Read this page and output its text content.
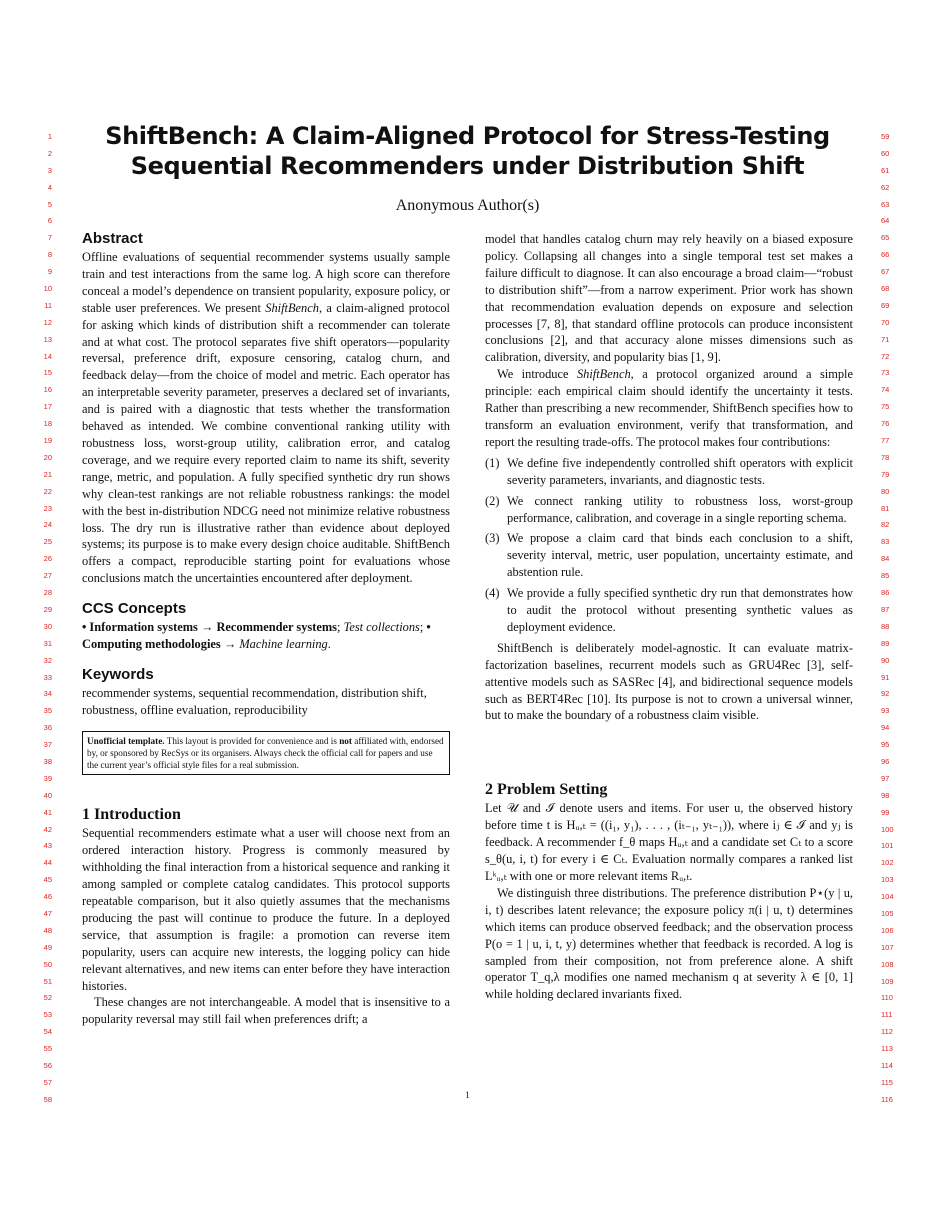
1
2
3
4
5
6
7
8
9
10
11
12
13
14
15
16
17
18
19
20
21
22
23
24
25
26
27
28
29
30
31
32
33
34
35
36
37
38
39
40
41
42
43
44
45
46
47
48
49
50
51
52
53
54
55
56
57
58
59
60
61
62
63
64
65
66
67
68
69
70
71
72
73
74
75
76
77
78
79
80
81
82
83
84
85
86
87
88
89
90
91
92
93
94
95
96
97
98
99
100
101
102
103
104
105
106
107
108
109
110
111
112
113
114
115
116
ShiftBench: A Claim-Aligned Protocol for Stress-Testing
Sequential Recommenders under Distribution Shift
Anonymous Author(s)
Abstract

Offline evaluations of sequential recommender systems usually sample train and test interactions from the same log. A high score can therefore conceal a model’s dependence on transient popularity, exposure policy, or stable user preferences. We present ShiftBench, a claim-aligned protocol for asking which kinds of distribution shift a recommender can tolerate and at what cost. The protocol separates five shift operators—popularity reversal, preference drift, exposure censoring, catalog churn, and feedback delay—from the choice of model and metric. Each operator has an interpretable severity parameter, preserves a declared set of invariants, and is paired with a diagnostic that tests whether the transformation behaved as intended. We combine conventional ranking utility with robustness loss, worst-group utility, calibration error, and catalog coverage, and we require every reported claim to name its shift, severity range, metric, and population. A fully specified synthetic dry run shows why clean-test rankings are not reliable robustness rankings: the model with the best in-distribution NDCG need not minimize relative robustness loss. The dry run is illustrative rather than evidence about deployed systems; its purpose is to make every design choice auditable. ShiftBench offers a compact, reproducible starting point for evaluations whose conclusions match the uncertainties encountered after deployment.

CCS Concepts

• Information systems → Recommender systems; Test collections; • Computing methodologies → Machine learning.

Keywords

recommender systems, sequential recommendation, distribution shift, robustness, offline evaluation, reproducibility

Unofficial template. This layout is provided for convenience and is not affiliated with, endorsed by, or sponsored by RecSys or its organisers. Always check the official call for papers and use the current year’s official style files for a real submission.
1 Introduction

Sequential recommenders estimate what a user will choose next from an ordered interaction history. Progress is commonly measured by withholding the final interaction from a historical sequence and ranking it among sampled or complete catalog candidates. This protocol supports repeatable comparison, but it also quietly assumes that the mechanisms producing the past will continue to produce the future. In a deployed service, that assumption is fragile: a promotion can reverse item popularity, users can acquire new interests, the logging policy can hide relevant alternatives, and new items can enter before they have interaction histories.

These changes are not interchangeable. A model that is insensitive to a popularity reversal may still fail when preferences drift; a

model that handles catalog churn may rely heavily on a biased exposure policy. Collapsing all changes into a single temporal test set makes a failure difficult to diagnose. It can also encourage a broad claim—“robust to distribution shift”—from a narrow experiment. Prior work has shown that recommendation evaluation depends on exposure and selection processes [7, 8], that standard offline protocols can produce inconsistent conclusions [2], and that accuracy alone misses dimensions such as calibration, diversity, and popularity bias [1, 9].

We introduce ShiftBench, a protocol organized around a simple principle: each empirical claim should identify the uncertainty it tests. Rather than prescribing a new recommender, ShiftBench specifies how to transform an evaluation environment, verify that transformation, and report the resulting trade-offs. The protocol makes four contributions:

(1) We define five independently controlled shift operators with explicit severity parameters, invariants, and diagnostic tests.
(2) We connect ranking utility to robustness loss, worst-group performance, calibration, and coverage in a single reporting schema.
(3) We propose a claim card that binds each conclusion to a shift, severity interval, metric, user population, uncertainty estimate, and abstention rule.
(4) We provide a fully specified synthetic dry run that demonstrates how to audit the protocol without presenting synthetic values as deployment evidence.

ShiftBench is deliberately model-agnostic. It can evaluate matrix-factorization baselines, recurrent models such as GRU4Rec [3], self-attentive models such as SASRec [4], and bidirectional sequence models such as BERT4Rec [10]. Its purpose is not to crown a universal winner, but to make the boundary of a robustness claim visible.

2 Problem Setting

Let 𝒰 and ℐ denote users and items. For user u, the observed history before time t is Hᵤ,ₜ = ((i₁, y₁), . . . , (iₜ₋₁, yₜ₋₁)), where iⱼ ∈ ℐ and yⱼ is feedback. A recommender f_θ maps Hᵤ,ₜ and a candidate set Cₜ to a score s_θ(u, i, t) for every i ∈ Cₜ. Evaluation normally compares a ranked list Lᵏᵤ,ₜ with one or more relevant items Rᵤ,ₜ.

We distinguish three distributions. The preference distribution P⋆(y | u, i, t) describes latent relevance; the exposure policy π(i | u, t) determines which items can produce observed feedback; and the observation process P(o = 1 | u, i, t, y) determines whether that feedback is recorded. A log is sampled from their composition, not from preference alone. A shift operator T_q,λ modifies one named mechanism q at severity λ ∈ [0, 1] while holding declared invariants fixed.

1
